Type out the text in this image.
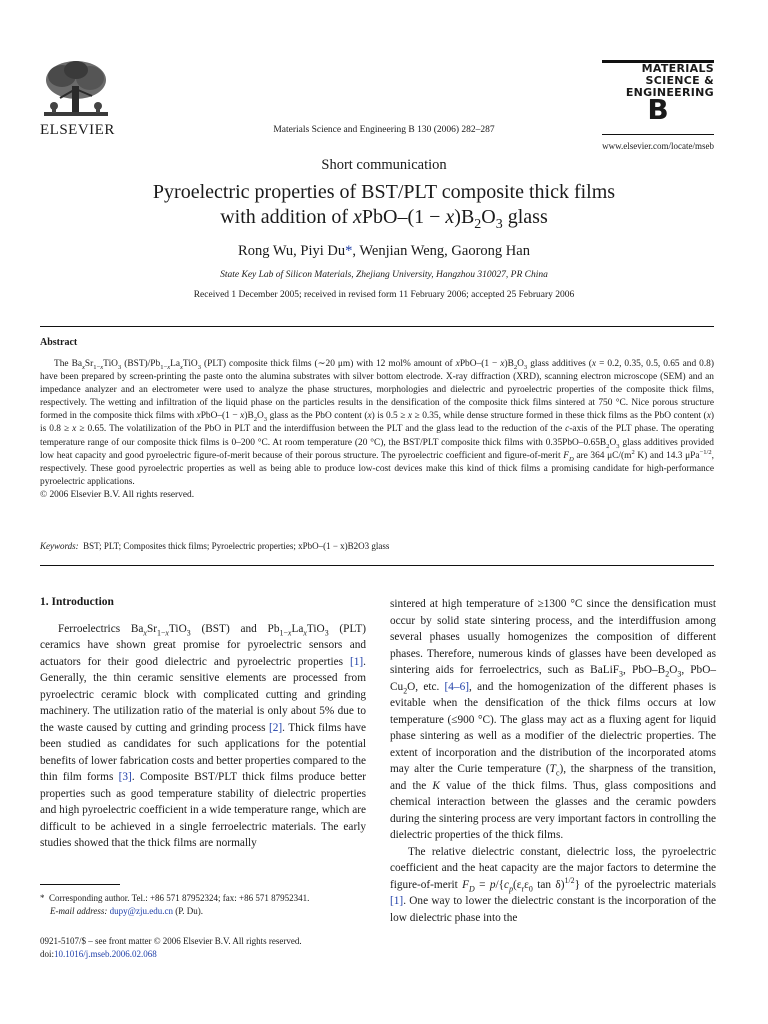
ELSEVIER	Materials Science and Engineering B 130 (2006) 282–287
MATERIALS
SCIENCE &
ENGINEERING
B
www.elsevier.com/locate/mseb
Short communication
Pyroelectric properties of BST/PLT composite thick films
with addition of xPbO–(1 − $x)B_2O_3$ glass
Rong Wu, Piyi Du*, Wenjian Weng, Gaorong Han
State Key Lab of Silicon Materials, Zhejiang University, Hangzhou 310027, PR China
Received 1 December 2005; received in revised form 11 February 2006; accepted 25 February 2006
Abstract
The $Ba_xSr_{1-x}TiO_3$ $(BST)/Pb_{1-x}La_xTiO_3$ (PLT) composite thick films (∼20 μm) with 12 mol% amount of xPbO–(1 − $x)B_2O_3$ glass additives (x = 0.2, 0.35, 0.5, 0.65 and 0.8) have been prepared by screen-printing the paste onto the alumina substrates with silver bottom electrode. X-ray diffraction (XRD), scanning electron microscope (SEM) and an impedance analyzer and an electrometer were used to analyze the phase structures, morphologies and dielectric and pyroelectric properties of the composite thick films, respectively. The wetting and infiltration of the liquid phase on the particles results in the densification of the composite thick films sintered at 750 °C. Nice porous structure formed in the composite thick films with xPbO–(1 − $x)B_2O_3$ glass as the PbO content (x) is 0.5 ≥ x ≥ 0.35, while dense structure formed in these thick films as the PbO content (x) is 0.8 ≥ x ≥ 0.65. The volatilization of the PbO in PLT and the interdiffusion between the PLT and the glass lead to the reduction of the c-axis of the PLT phase. The operating temperature range of our composite thick films is 0–200 °C. At room temperature (20 °C), the BST/PLT composite thick films with $0.35PbO-0.65B_2O_3$ glass additives provided low heat capacity and good pyroelectric figure-of-merit because of their porous structure. The pyroelectric coefficient and figure-of-merit $F_D$ are 364 $\mu C/(m^2$ K) and 14.3 μPa$^{-1/2}$, respectively. These good pyroelectric properties as well as being able to produce low-cost devices make this kind of thick films a promising candidate for high-performance pyroelectric applications.
© 2006 Elsevier B.V. All rights reserved.
Keywords: BST; PLT; Composites thick films; Pyroelectric properties; xPbO–(1 − x)B2O3 glass
1. Introduction

Ferroelectrics $Ba_xSr_{1-x}TiO_3$ (BST) and $Pb_{1-x}La_xTiO_3$ (PLT) ceramics have shown great promise for pyroelectric sensors and actuators for their good dielectric and pyroelectric properties [1]. Generally, the thin ceramic sensitive elements are processed from pyroelectric ceramic block with complicated cutting and grinding machinery. The utilization ratio of the material is only about 5% due to the waste caused by cutting and grinding process [2]. Thick films have been studied as candidates for such applications for the potential benefits of lower fabrication costs and better properties compared to the thin film forms [3]. Composite BST/PLT thick films produce better properties such as good temperature stability of dielectric properties and high pyroelectric coefficient in a wide temperature range, which are difficult to be achieved in a single ferroelectric materials. The early studies showed that the thick films are normally

sintered at high temperature of ≥1300 °C since the densification must occur by solid state sintering process, and the interdiffusion among several phases usually homogenizes the composition of different phases. Therefore, numerous kinds of glasses have been developed as sintering aids for ferroelectrics, such as BaLiF$_3$, PbO–$B_2O_3$, PbO–$Cu_2O$, etc. [4–6], and the homogenization of the different phases is evitable when the densification of the thick films occurs at low temperature (≤900 °C). The glass may act as a fluxing agent for liquid phase sintering as well as a modifier of the dielectric properties. The extent of incorporation and the distribution of the incorporated atoms may alter the Curie temperature $(T_c)$, the sharpness of the transition, and the K value of the thick films. Thus, glass compositions and chemical interaction between the glasses and the ceramic powders during the sintering process are very important factors in controlling the dielectric properties of the thick films.

The relative dielectric constant, dielectric loss, the pyroelectric coefficient and the heat capacity are the major factors to determine the figure-of-merit $F_D = p/\{c_p(\varepsilon_r\varepsilon_0$ tan δ)$^{1/2}$} of the pyroelectric materials [1]. One way to lower the dielectric constant is the incorporation of the low dielectric phase into the

* Corresponding author. Tel.: +86 571 87952324; fax: +86 571 87952341.
E-mail address: dupy@zju.edu.cn (P. Du).
0921-5107/$ – see front matter © 2006 Elsevier B.V. All rights reserved.
doi:10.1016/j.mseb.2006.02.068
